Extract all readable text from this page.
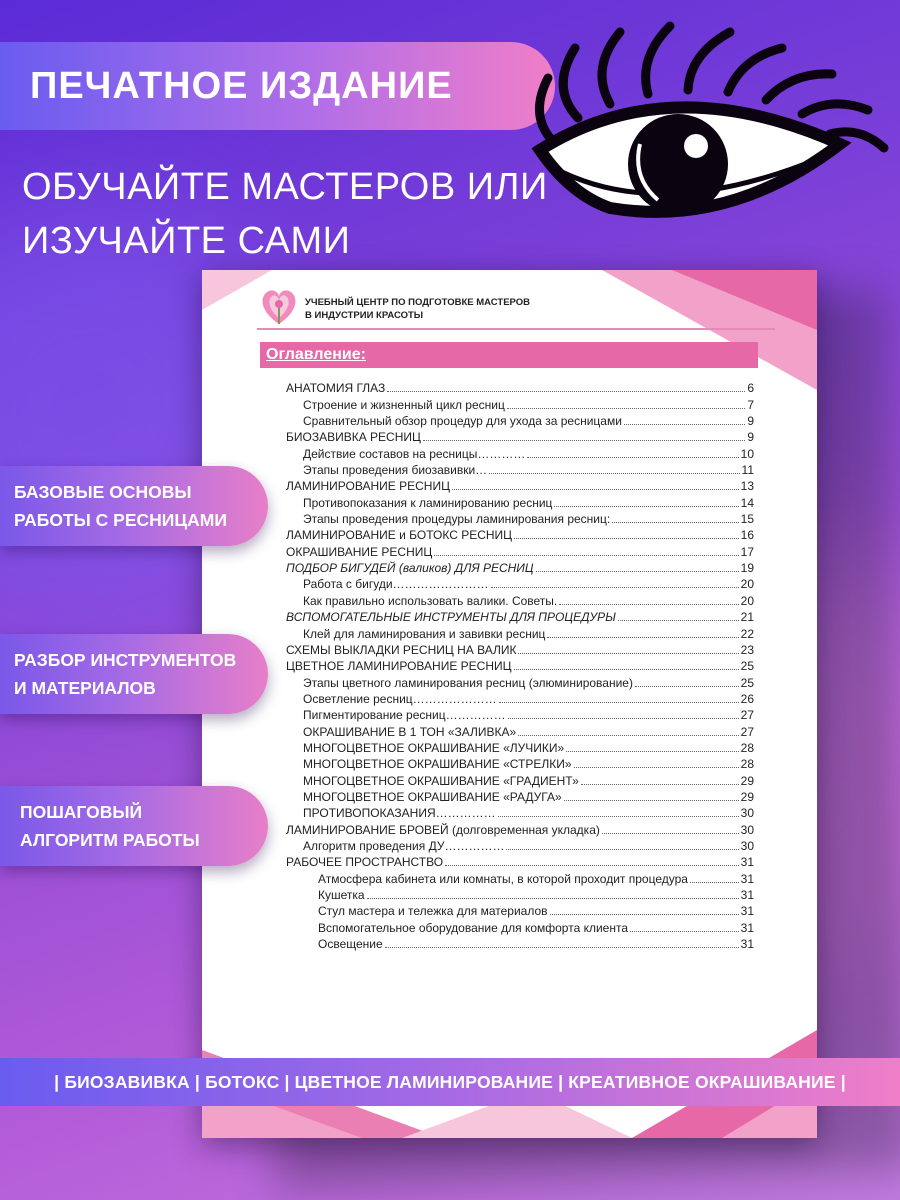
ПЕЧАТНОЕ ИЗДАНИЕ
ОБУЧАЙТЕ МАСТЕРОВ ИЛИ
ИЗУЧАЙТЕ САМИ
УЧЕБНЫЙ ЦЕНТР ПО ПОДГОТОВКЕ МАСТЕРОВ
В ИНДУСТРИИ КРАСОТЫ
Оглавление:
АНАТОМИЯ ГЛАЗ	6
Строение и жизненный цикл ресниц	7
Сравнительный обзор процедур для ухода за ресницами	9
БИОЗАВИВКА РЕСНИЦ	9
Действие составов на ресницы…………	10
Этапы проведения биозавивки…	11
ЛАМИНИРОВАНИЕ РЕСНИЦ	13
Противопоказания к ламинированию ресниц	14
Этапы проведения процедуры ламинирования ресниц:	15
ЛАМИНИРОВАНИЕ и БОТОКС РЕСНИЦ	16
ОКРАШИВАНИЕ РЕСНИЦ	17
ПОДБОР БИГУДЕЙ (валиков) ДЛЯ РЕСНИЦ	19
Работа с бигуди……………………	20
Как правильно использовать валики. Советы.	20
ВСПОМОГАТЕЛЬНЫЕ ИНСТРУМЕНТЫ ДЛЯ ПРОЦЕДУРЫ	21
Клей для ламинирования и завивки ресниц	22
СХЕМЫ ВЫКЛАДКИ РЕСНИЦ НА ВАЛИК	23
ЦВЕТНОЕ ЛАМИНИРОВАНИЕ РЕСНИЦ	25
Этапы цветного ламинирования ресниц (элюминирование)	25
Осветление ресниц…………………	26
Пигментирование ресниц……………	27
ОКРАШИВАНИЕ В 1 ТОН «ЗАЛИВКА»	27
МНОГОЦВЕТНОЕ ОКРАШИВАНИЕ «ЛУЧИКИ»	28
МНОГОЦВЕТНОЕ ОКРАШИВАНИЕ «СТРЕЛКИ»	28
МНОГОЦВЕТНОЕ ОКРАШИВАНИЕ «ГРАДИЕНТ»	29
МНОГОЦВЕТНОЕ ОКРАШИВАНИЕ «РАДУГА»	29
ПРОТИВОПОКАЗАНИЯ……………	30
ЛАМИНИРОВАНИЕ БРОВЕЙ (долговременная укладка)	30
Алгоритм проведения ДУ……………	30
РАБОЧЕЕ ПРОСТРАНСТВО	31
Атмосфера кабинета или комнаты, в которой проходит процедура	31
Кушетка	31
Стул мастера и тележка для материалов	31
Вспомогательное оборудование для комфорта клиента	31
Освещение	31
БАЗОВЫЕ ОСНОВЫ
РАБОТЫ С РЕСНИЦАМИ
РАЗБОР ИНСТРУМЕНТОВ
И МАТЕРИАЛОВ
ПОШАГОВЫЙ
АЛГОРИТМ РАБОТЫ
| БИОЗАВИВКА | БОТОКС | ЦВЕТНОЕ ЛАМИНИРОВАНИЕ | КРЕАТИВНОЕ ОКРАШИВАНИЕ |
